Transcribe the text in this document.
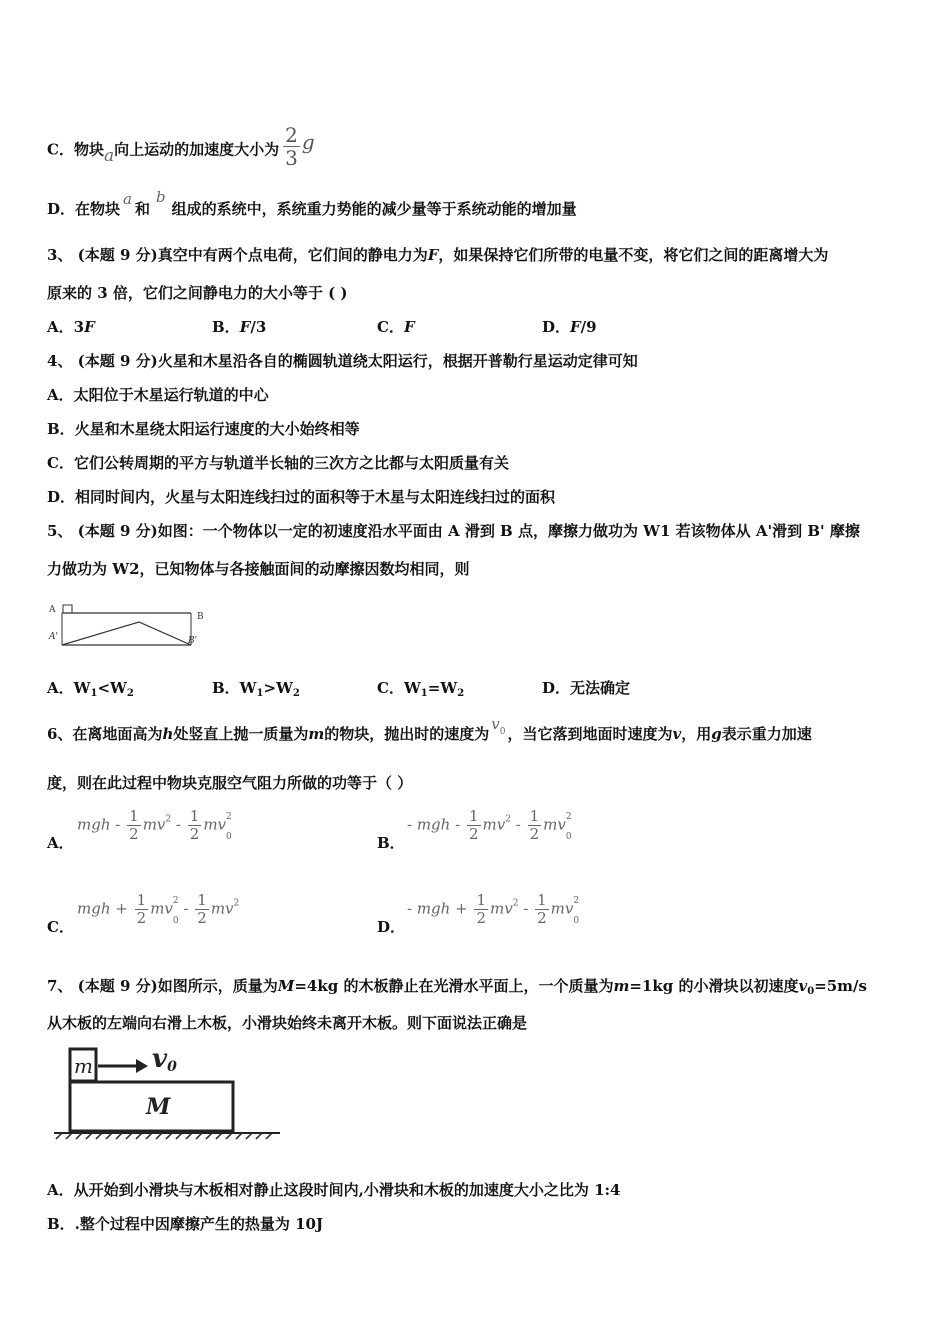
C．物块a向上运动的加速度大小为 $\frac{2}{3}$ g
D．在物块a和b组成的系统中，系统重力势能的减少量等于系统动能的增加量
3、 (本题 9 分)真空中有两个点电荷，它们间的静电力为F，如果保持它们所带的电量不变，将它们之间的距离增大为
原来的 3 倍，它们之间静电力的大小等于 ( )
A．3F	B．F/3	C．F	D．F/9
4、 (本题 9 分)火星和木星沿各自的椭圆轨道绕太阳运行，根据开普勒行星运动定律可知
A．太阳位于木星运行轨道的中心
B．火星和木星绕太阳运行速度的大小始终相等
C．它们公转周期的平方与轨道半长轴的三次方之比都与太阳质量有关
D．相同时间内，火星与太阳连线扫过的面积等于木星与太阳连线扫过的面积
5、 (本题 9 分)如图：一个物体以一定的初速度沿水平面由 A 滑到 B 点，摩擦力做功为 W1 若该物体从 A'滑到 B' 摩擦
力做功为 W2，已知物体与各接触面间的动摩擦因数均相同，则
A
B
A'	B'
A．$W_1<W_2$	B．$W_1>W_2$	C．$W_1=W_2$	D．无法确定
6、在离地面高为h处竖直上抛一质量为m的物块，抛出时的速度为$v_0$ ，当它落到地面时速度为v，用g表示重力加速
度，则在此过程中物块克服空气阻力所做的功等于（ ）
A．
mgh - $\frac{1}{2} mv^2 - \frac{1}{2}$ mv 2
$_0$	B．
- mgh - $\frac{1}{2} mv^2 - \frac{1}{2}$ mv 2
$_0$
C．
mgh + $\frac{1}{2}$ mv 2
$_0 - \frac{1}{2} mv^2$
D．
- mgh + $\frac{1}{2} mv^2 - \frac{1}{2}$ mv 2
$_0$
7、 (本题 9 分)如图所示，质量为M=4kg 的木板静止在光滑水平面上，一个质量为m=1kg 的小滑块以初速度$v_0=5m/s$
从木板的左端向右滑上木板，小滑块始终未离开木板。则下面说法正确是
m v0
M
A．从开始到小滑块与木板相对静止这段时间内,小滑块和木板的加速度大小之比为 1:4
B．.整个过程中因摩擦产生的热量为 10J
